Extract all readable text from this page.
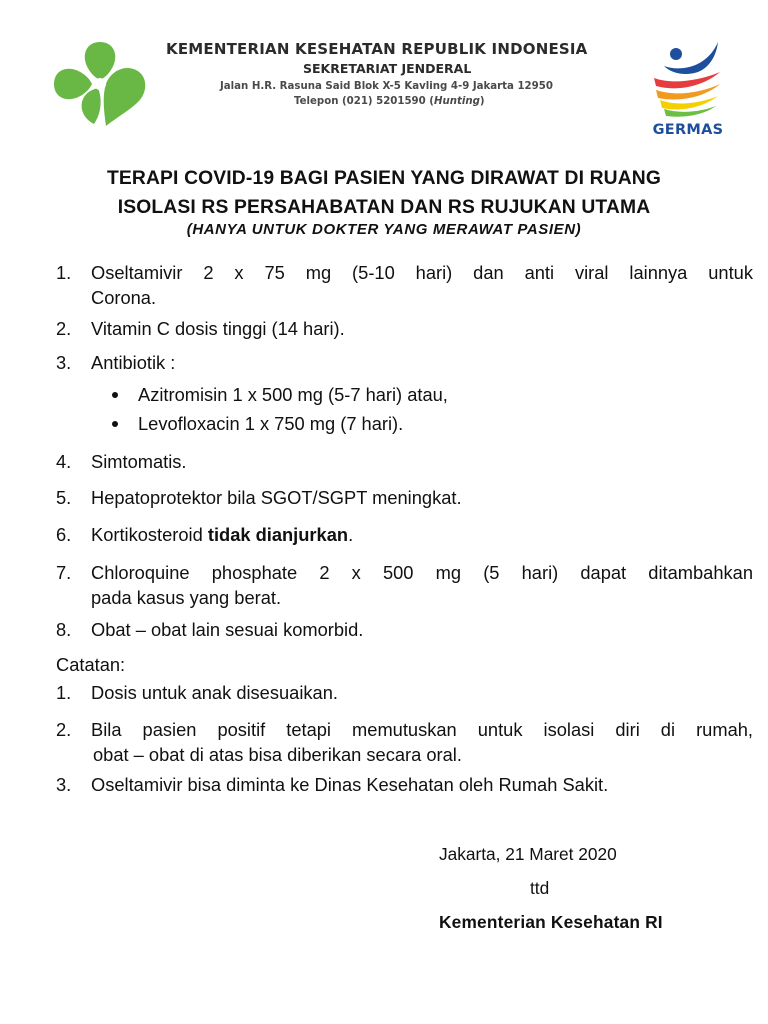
KEMENTERIAN KESEHATAN REPUBLIK INDONESIA
SEKRETARIAT JENDERAL
Jalan H.R. Rasuna Said Blok X-5 Kavling 4-9 Jakarta 12950
Telepon (021) 5201590 (Hunting)
GERMAS
TERAPI COVID-19 BAGI PASIEN YANG DIRAWAT DI RUANG
ISOLASI RS PERSAHABATAN DAN RS RUJUKAN UTAMA
(HANYA UNTUK DOKTER YANG MERAWAT PASIEN)
1.	Oseltamivir 2 x 75 mg (5-10 hari) dan anti viral lainnya untuk
Corona.
2.	Vitamin C dosis tinggi (14 hari).
3.	Antibiotik :
Azitromisin 1 x 500 mg (5-7 hari) atau,
Levofloxacin 1 x 750 mg (7 hari).
4.	Simtomatis.
5.	Hepatoprotektor bila SGOT/SGPT meningkat.
6.	Kortikosteroid tidak dianjurkan.
7.	Chloroquine phosphate 2 x 500 mg (5 hari) dapat ditambahkan
pada kasus yang berat.
8.	Obat – obat lain sesuai komorbid.
Catatan:
1.	Dosis untuk anak disesuaikan.
2.	Bila pasien positif tetapi memutuskan untuk isolasi diri di rumah,
obat – obat di atas bisa diberikan secara oral.
3.	Oseltamivir bisa diminta ke Dinas Kesehatan oleh Rumah Sakit.
Jakarta, 21 Maret 2020
ttd
Kementerian Kesehatan RI
